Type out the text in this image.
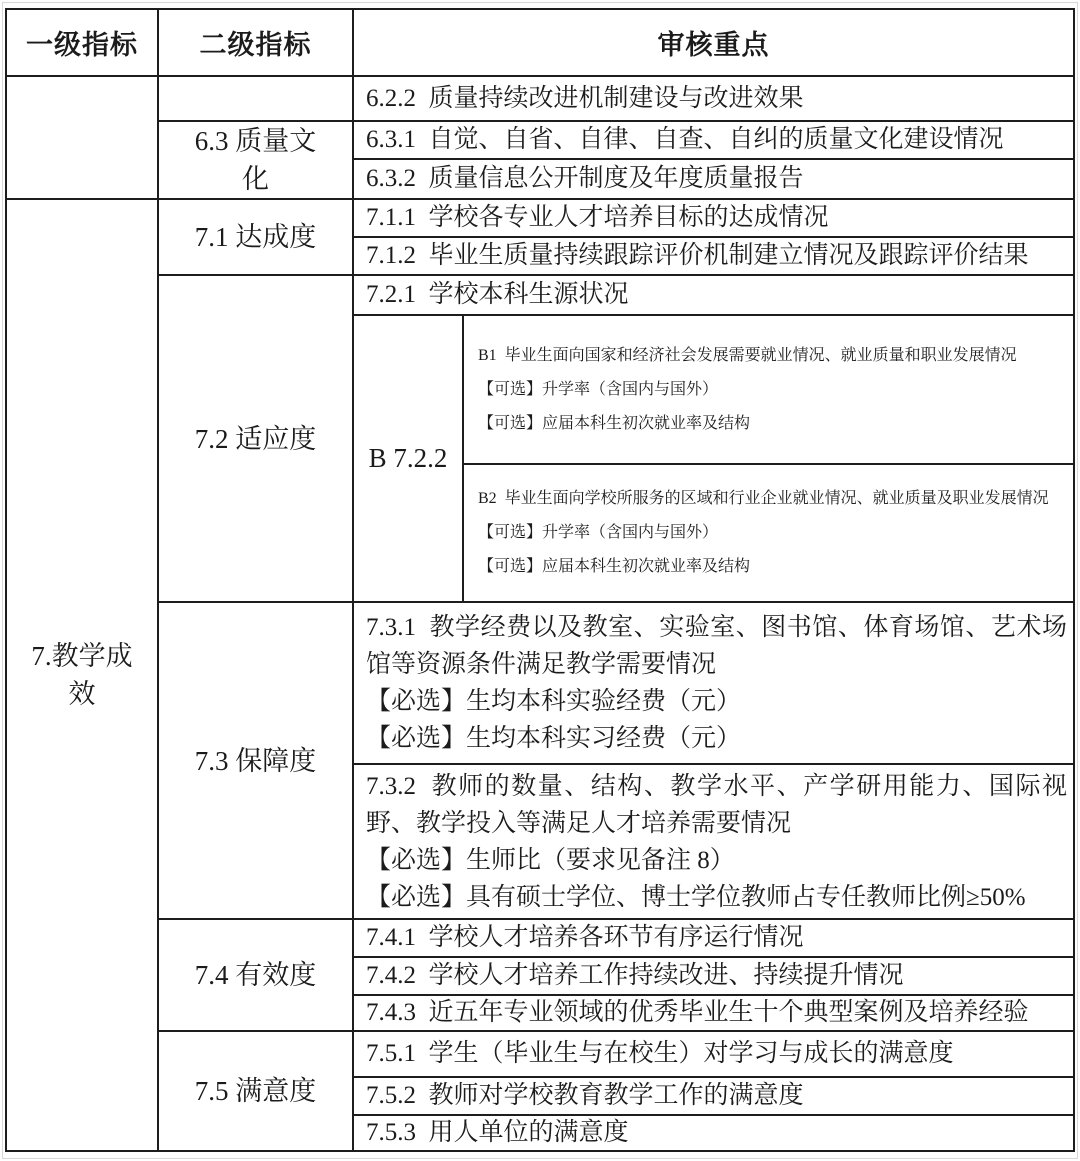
一级指标	二级指标	审核重点	
		6.2.2  质量持续改进机制建设与改进效果	
	6.3 质量文化	6.3.1  自觉、自省、自律、自查、自纠的质量文化建设情况	
		6.3.2  质量信息公开制度及年度质量报告	
7.教学成效	7.1 达成度	7.1.1  学校各专业人才培养目标的达成情况	
		7.1.2  毕业生质量持续跟踪评价机制建立情况及跟踪评价结果	
	7.2 适应度	7.2.1  学校本科生源状况	
		B 7.2.2	B1  毕业生面向国家和经济社会发展需要就业情况、就业质量和职业发展情况
【可选】升学率（含国内与国外）
【可选】应届本科生初次就业率及结构

			B2  毕业生面向学校所服务的区域和行业企业就业情况、就业质量及职业发展情况
【可选】升学率（含国内与国外）
【可选】应届本科生初次就业率及结构

	7.3 保障度	7.3.1  教学经费以及教室、实验室、图书馆、体育场馆、艺术场馆等资源条件满足教学需要情况
【必选】生均本科实验经费（元）
【必选】生均本科实习经费（元）	

		7.3.2  教师的数量、结构、教学水平、产学研用能力、国际视野、教学投入等满足人才培养需要情况
【必选】生师比（要求见备注 8）
【必选】具有硕士学位、博士学位教师占专任教师比例≥50%	

	7.4 有效度	7.4.1  学校人才培养各环节有序运行情况	
		7.4.2  学校人才培养工作持续改进、持续提升情况	
		7.4.3  近五年专业领域的优秀毕业生十个典型案例及培养经验	
	7.5 满意度	7.5.1  学生（毕业生与在校生）对学习与成长的满意度	
		7.5.2  教师对学校教育教学工作的满意度	
		7.5.3  用人单位的满意度	
